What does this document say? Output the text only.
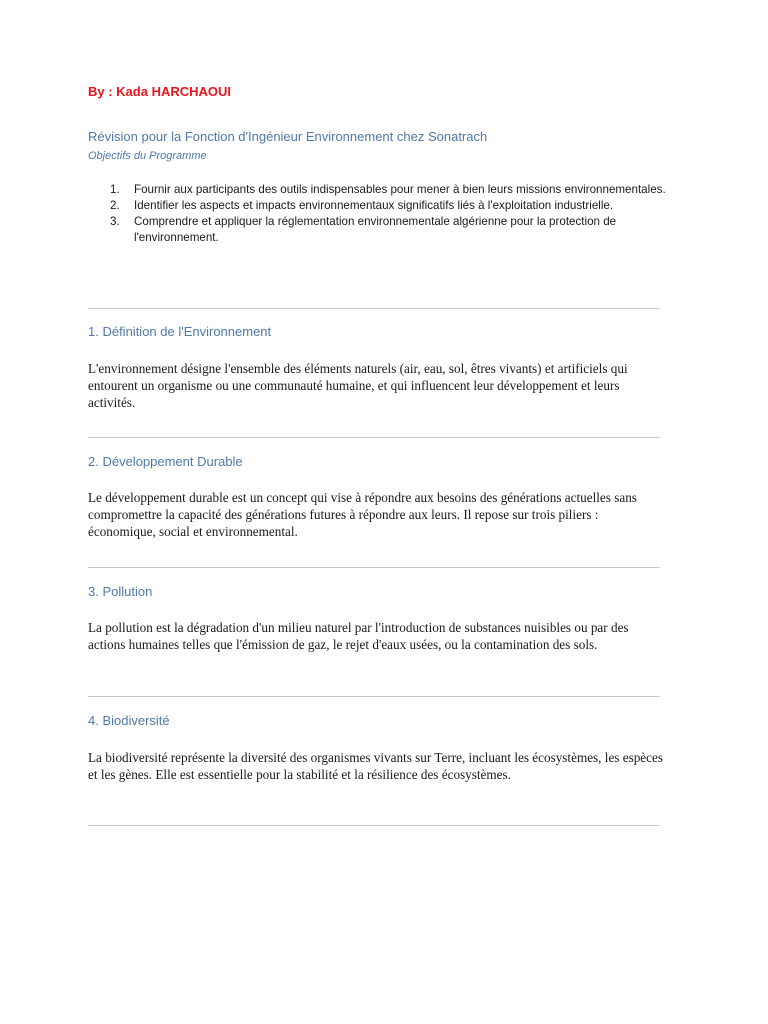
By : Kada HARCHAOUI
Révision pour la Fonction d'Ingénieur Environnement chez Sonatrach
Objectifs du Programme
1. Fournir aux participants des outils indispensables pour mener à bien leurs missions environnementales.
2. Identifier les aspects et impacts environnementaux significatifs liés à l'exploitation industrielle.
3. Comprendre et appliquer la réglementation environnementale algérienne pour la protection de l'environnement.
1. Définition de l'Environnement

L'environnement désigne l'ensemble des éléments naturels (air, eau, sol, êtres vivants) et artificiels qui entourent un organisme ou une communauté humaine, et qui influencent leur développement et leurs activités.

2. Développement Durable

Le développement durable est un concept qui vise à répondre aux besoins des générations actuelles sans compromettre la capacité des générations futures à répondre aux leurs. Il repose sur trois piliers : économique, social et environnemental.

3. Pollution

La pollution est la dégradation d'un milieu naturel par l'introduction de substances nuisibles ou par des actions humaines telles que l'émission de gaz, le rejet d'eaux usées, ou la contamination des sols.

4. Biodiversité

La biodiversité représente la diversité des organismes vivants sur Terre, incluant les écosystèmes, les espèces et les gènes. Elle est essentielle pour la stabilité et la résilience des écosystèmes.
